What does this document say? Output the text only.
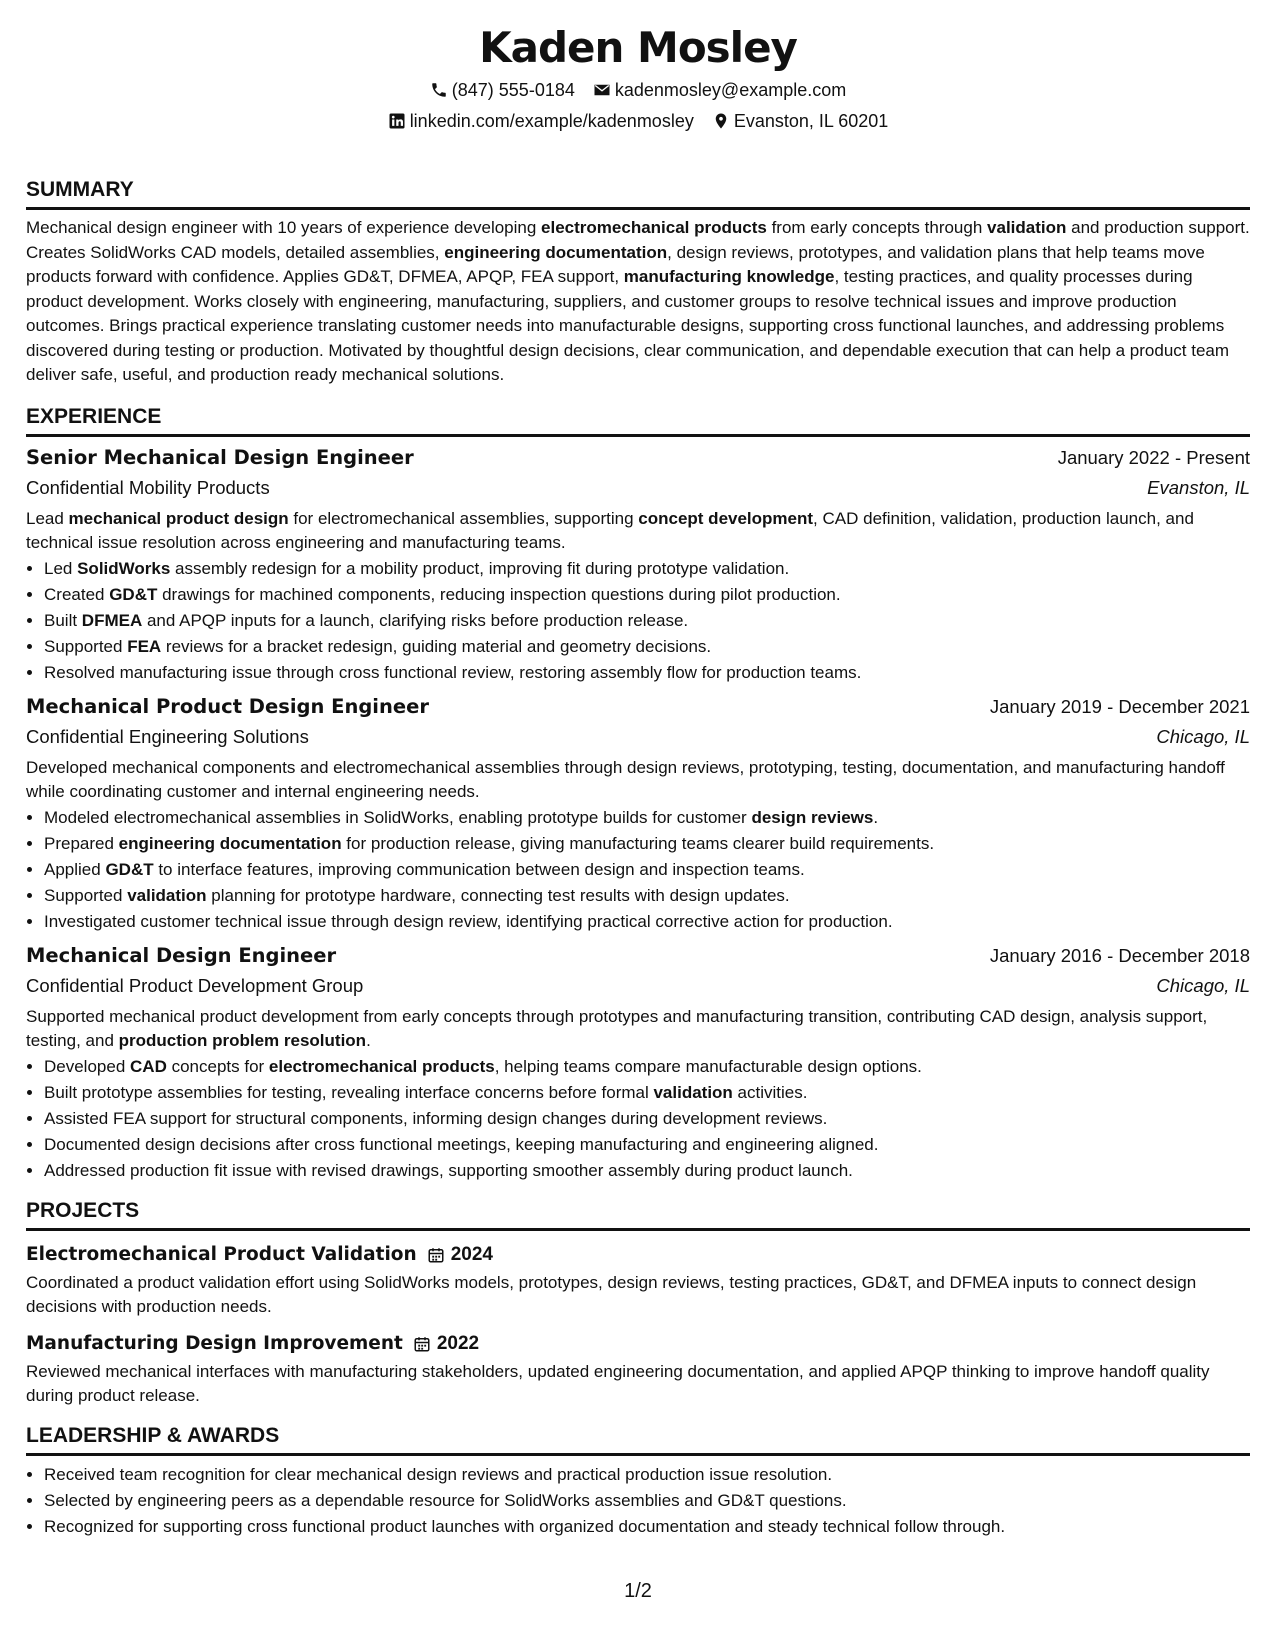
Kaden Mosley
(847) 555-0184 kadenmosley@example.com
linkedin.com/example/kadenmosley Evanston, IL 60201
SUMMARY
Mechanical design engineer with 10 years of experience developing electromechanical products from early concepts through validation and production support. Creates SolidWorks CAD models, detailed assemblies, engineering documentation, design reviews, prototypes, and validation plans that help teams move products forward with confidence. Applies GD&T, DFMEA, APQP, FEA support, manufacturing knowledge, testing practices, and quality processes during product development. Works closely with engineering, manufacturing, suppliers, and customer groups to resolve technical issues and improve production outcomes. Brings practical experience translating customer needs into manufacturable designs, supporting cross functional launches, and addressing problems discovered during testing or production. Motivated by thoughtful design decisions, clear communication, and dependable execution that can help a product team deliver safe, useful, and production ready mechanical solutions.
EXPERIENCE
Senior Mechanical Design Engineer	January 2022 - Present
Confidential Mobility Products	Evanston, IL
Lead mechanical product design for electromechanical assemblies, supporting concept development, CAD definition, validation, production launch, and technical issue resolution across engineering and manufacturing teams.
• Led SolidWorks assembly redesign for a mobility product, improving fit during prototype validation.
• Created GD&T drawings for machined components, reducing inspection questions during pilot production.
• Built DFMEA and APQP inputs for a launch, clarifying risks before production release.
• Supported FEA reviews for a bracket redesign, guiding material and geometry decisions.
• Resolved manufacturing issue through cross functional review, restoring assembly flow for production teams.
Mechanical Product Design Engineer	January 2019 - December 2021
Confidential Engineering Solutions	Chicago, IL
Developed mechanical components and electromechanical assemblies through design reviews, prototyping, testing, documentation, and manufacturing handoff while coordinating customer and internal engineering needs.
• Modeled electromechanical assemblies in SolidWorks, enabling prototype builds for customer design reviews.
• Prepared engineering documentation for production release, giving manufacturing teams clearer build requirements.
• Applied GD&T to interface features, improving communication between design and inspection teams.
• Supported validation planning for prototype hardware, connecting test results with design updates.
• Investigated customer technical issue through design review, identifying practical corrective action for production.
Mechanical Design Engineer	January 2016 - December 2018
Confidential Product Development Group	Chicago, IL
Supported mechanical product development from early concepts through prototypes and manufacturing transition, contributing CAD design, analysis support, testing, and production problem resolution.
• Developed CAD concepts for electromechanical products, helping teams compare manufacturable design options.
• Built prototype assemblies for testing, revealing interface concerns before formal validation activities.
• Assisted FEA support for structural components, informing design changes during development reviews.
• Documented design decisions after cross functional meetings, keeping manufacturing and engineering aligned.
• Addressed production fit issue with revised drawings, supporting smoother assembly during product launch.
PROJECTS
Electromechanical Product Validation 2024
Coordinated a product validation effort using SolidWorks models, prototypes, design reviews, testing practices, GD&T, and DFMEA inputs to connect design decisions with production needs.
Manufacturing Design Improvement 2022
Reviewed mechanical interfaces with manufacturing stakeholders, updated engineering documentation, and applied APQP thinking to improve handoff quality during product release.
LEADERSHIP & AWARDS
• Received team recognition for clear mechanical design reviews and practical production issue resolution.
• Selected by engineering peers as a dependable resource for SolidWorks assemblies and GD&T questions.
• Recognized for supporting cross functional product launches with organized documentation and steady technical follow through.
1/2
